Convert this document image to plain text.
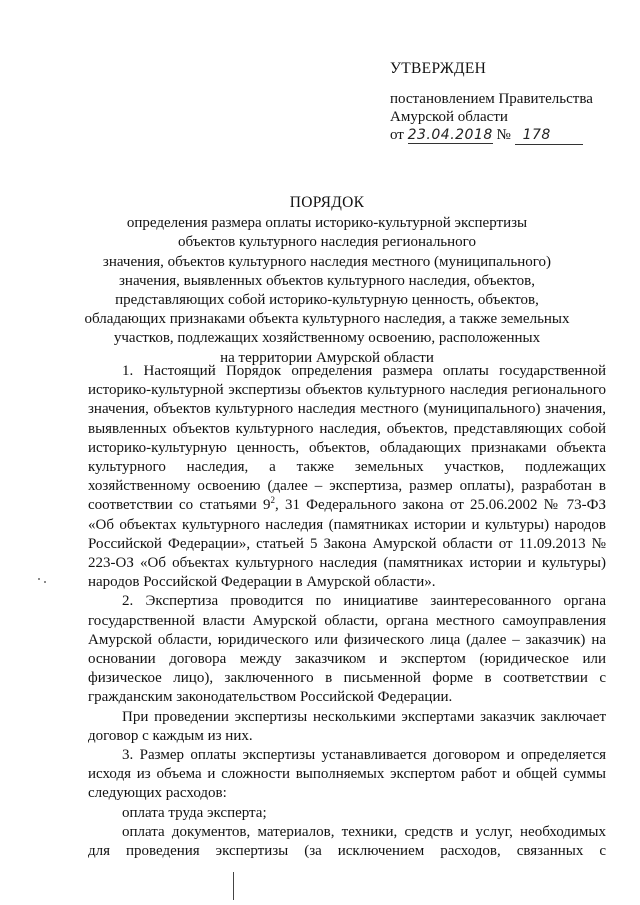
УТВЕРЖДЕН
постановлением Правительства
Амурской области
от 23.04.2018 № 178
ПОРЯДОК
определения размера оплаты историко-культурной экспертизы
объектов культурного наследия регионального
значения, объектов культурного наследия местного (муниципального)
значения, выявленных объектов культурного наследия, объектов,
представляющих собой историко-культурную ценность, объектов,
обладающих признаками объекта культурного наследия, а также земельных
участков, подлежащих хозяйственному освоению, расположенных
на территории Амурской области

1. Настоящий Порядок определения размера оплаты государственной историко-культурной экспертизы объектов культурного наследия регионального значения, объектов культурного наследия местного (муниципального) значения, выявленных объектов культурного наследия, объектов, представляющих собой историко-культурную ценность, объектов, обладающих признаками объекта культурного наследия, а также земельных участков, подлежащих хозяйственному освоению (далее – экспертиза, размер оплаты), разработан в соответствии со статьями $9^2$, 31 Федерального закона от 25.06.2002 № 73-ФЗ «Об объектах культурного наследия (памятниках истории и культуры) народов Российской Федерации», статьей 5 Закона Амурской области от 11.09.2013 № 223-ОЗ «Об объектах культурного наследия (памятниках истории и культуры) народов Российской Федерации в Амурской области».

2. Экспертиза проводится по инициативе заинтересованного органа государственной власти Амурской области, органа местного самоуправления Амурской области, юридического или физического лица (далее – заказчик) на основании договора между заказчиком и экспертом (юридическое или физическое лицо), заключенного в письменной форме в соответствии с гражданским законодательством Российской Федерации.

При проведении экспертизы несколькими экспертами заказчик заключает договор с каждым из них.

3. Размер оплаты экспертизы устанавливается договором и определяется исходя из объема и сложности выполняемых экспертом работ и общей суммы следующих расходов:

оплата труда эксперта;

оплата документов, материалов, техники, средств и услуг, необходимых для проведения экспертизы (за исключением расходов, связанных с
